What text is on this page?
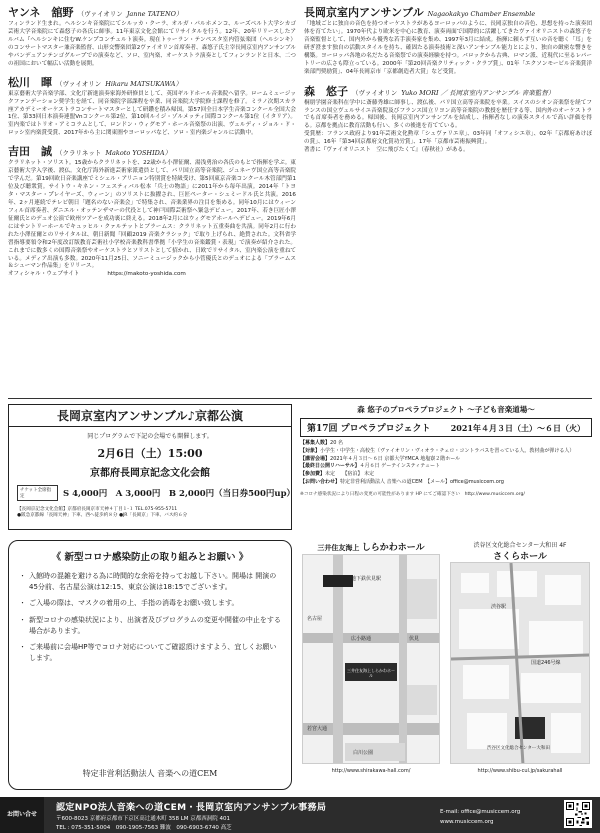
ヤンネ　舘野 （ヴァイオリン Janne TATENO）
フィンランド生まれ。ヘルシンキ音楽院にてシルッカ・クーラ、オルガ・パルホメンコ、ルーズベルト大学シカゴ芸術大学音楽院にて森悠子の各氏に師事。11年東京文化会館にてリサイタルを行う。12年、20年リリースしたアルバム『ヘルシンキに住むW.ケンプコンチェルト演奏。現在トゥーラン・テンペスタ室内管弦楽団（ヘルシンキ）のコンサートマスター兼音楽監督、山形交響楽団第2ヴァイオリン首席奏者、森悠子氏主宰長岡京室内アンサンブルやパンデュアンテンゴグループでの演奏など、ソロ、室内楽、オーケストラ演奏としてフィンランドと日本、二つの祖国において幅広い活動を展開。
松川　暉 （ヴァイオリン Hikaru MATSUKAWA）
東京藝術大学音楽学部、文化庁新進演奏家海外研修員として、英国ギルドホール音楽院へ留学。ロームミュージックファンデーション奨学生を経て、同音楽院学部課程を卒業、同音楽院大学院修士課程を修了。ミラノ次期スカラ座アカデミーオーケストラコンサートマスターとして研鑽を積み帰国。第57回全日本学生音楽コンクール全国大会1位、第33回日本演奏連盟Vnコンクール第2位、第10回ルイジ・ゾルメッティ国際コンクール第1位（イタリア）。室内楽ではトリオ・アミコラムとして、ロンドン・ウィグモア・ホール音楽祭の出演、ヴェルディ・ジョル・ド・ロッシ室内楽賞受賞、2017年から主に関東圏やヨーロッパなど、ソロ・室内楽ジャンルに活動中。
吉田　誠 （クラリネット Makoto YOSHIDA）
クラリネット・ソリスト。15歳からクラリネットを、22歳から小澤征爾、湯浅勇治の各氏のもとで指揮を学ぶ。東京藝術大学入学後、渡仏。文化庁海外新進芸術家派遣員として、パリ国立高等音楽院、ジュネーヴ国立高等音楽院で学んだ。第19回欧日音楽講座でミシェル・アリニョン特別賞を特級受け、第5回東京音楽コンクール木管部門第1位及び聴衆賞。サイトウ・キネン・フェスティバル松本「兵士の物語」に2011年から毎年出演。2014年「トヨタ・マスター・プレイヤーズ、ウィーン」のソリストに抜擢され、巨匠ペーター・シュミードル氏と共演。2016年、2ヶ月連続でテレビ朝日「題名のない音楽会」で特集され、音楽業界の注目を集める。同年10月にはウィーンフィル首席奏者、ダニエル・オッテンザマーの代役として神戸国際芸術祭へ緊急デビュー。2017年、若き巨匠小澤征爾氏とのデュオ公演で欧州ツアーを成功裏に終える。2018年2月にはウィグモアホールへデビュー。2019年6月にはサントリーホールでキュッヒル・クァルテットとブラームス：クラリネット五重奏曲を共演。同年2月に行われた小澤征爾とのリサイタルは、朝日新聞「回顧2019 音楽クラシック」で取り上げられ、絶賛された。文科省学習指導要領令和2年度改訂版教育芸術社小学校音楽教科書準拠「小学生の音楽鑑賞・表現」で演奏が紹介された。これまでに数多くの国際音楽祭やオーケストラとソリストとして招かれ、日欧でリサイタル、室内楽公演を重ねている。メディア出演も多数。2020年11月25日、ソニーミュージックから小菅優氏とのデュオによる「ブラームス＆シューマン作品集」をリリース。
オフィシャル・ウェブサイト　　　　　https://makoto-yoshida.com
長岡京室内アンサンブル Nagaokakyo Chamber Ensemble
「地域ごとに独自の音色を持つオーケストラがあるヨーロッパのように、長岡京独自の音色、思想を持った演奏団体を育てたい」。1970年代より欧米を中心に教育、演奏両面で国際的に活躍してきたヴァイオリニストの森悠子を音楽監督として、国内外から優秀な若手演奏家を集め、1997年3月に結成。指揮に頼らず互いの音を聴く「耳」を研ぎ澄ます独自の活動スタイルを持ち、確固たる演奏技術と深いアンサンブル能力とにより、独自の緻密な響きを構築。ヨーロッパ各地の名だたる音楽祭での演奏経験を持つ。バロックから古典、ロマン派、近現代に至るレパートリーの広さも際立っている。2000年「第20回音楽クリティック・クラブ賞」、01年「エクソンモービル音楽賞洋楽部門奨励賞」、04年長岡京市「京都創造者大賞」など受賞。
森　悠子 （ヴァイオリン Yuko MORI ／ 長岡京室内アンサンブル 音楽監督）
桐朋学園音楽科在学中に斎藤秀雄に師事し、渡仏後、パリ国立高等音楽院を卒業。スイスのシオン音楽祭を経てフランスの国立ヴェルサイユ音楽院及びフランス国立リヨン高等音楽院の教授を歴任する等、国内外のオーケストラでも首席奏者を務める。帰国後、長岡京室内アンサンブルを結成し、指揮者なしの演奏スタイルで高い評価を得る。京都を拠点に教育活動も行い、多くの後進を育てている。
受賞歴：フランス政府より91年芸術文化勲章「シュヴァリエ章」、03年同「オフィシエ章」、02年「京都府あけぼの賞」、16年「第34回京都府文化賞功労賞」、17年「京都市芸術振興賞」。
著書に『ヴァイオリニスト　空に飛びたくて』（春秋社）がある。
長岡京室内アンサンブル♪京都公演
同じプログラムで下記の会場でも開催します。
2月6日（土）15:00
京都府長岡京記念文化会館
チケット全席指定	S 4,000円　A 3,000円　B 2,000円（当日券500円up）
【長岡京記念文化会館】京都府長岡京市天神４丁目１-１ TEL.075-955-5711
●阪急京都線「長岡天神」下車、西へ徒歩約８分 ●JR「長岡京」下車、バス約６分
森 悠子のプロペラプロジェクト ～子ども音楽道場～
第17回 プロペラプロジェクト	2021年４月３日（土）～６日（火）
【募集人数】20 名
【対象】小学生・中学生・高校生（ヴァイオリン・ヴィオラ・チェロ・コントラバスを習っている人。教材曲が弾ける人）
【講習会場】2021年４月３日～６日 京都大学YMCA 地塩寮２階ホール
【最終日公開リハーサル】４月６日 ゲーテインスティテュート
【参加費】未定　　【宿泊】 未定
【お問い合わせ】特定非営利活動法人 音楽への道CEM　【メール】office@musiccem.org
※コロナ感染状況により日程の変更の可能性があります HP にてご確認下さい　http://www.musiccem.org/
《 新型コロナ感染防止の取り組みとお願い 》
・ 入館時の混雑を避ける為に時間的な余裕を持ってお越し下さい。開場は 開演の45分前、名古屋公演は12:15、東京公演は18:15でございます。
・ ご入場の際は、マスクの着用の上、手指の消毒をお願い致します。
・ 新型コロナの感染状況により、出演者及びプログラムの変更や開催の中止をする場合があります。
・ ご来場前に会場HP等でコロナ対応についてご確認頂けますよう、宜しくお願いします。
特定非営利活動法人 音楽への道CEM
三井住友海上 しらかわホール
地下鉄伏見駅
広小路通
名古屋
伏見
若宮大通
白川公園
三井住友海上しらかわホール
http://www.shirakawa-hall.com/
渋谷区文化総合センター大和田 4F
さくらホール
渋谷駅
国道246号線
渋谷区文化総合センター大和田
http://www.shibu-cul.jp/sakurahall
お問い合せ
認定NPO法人音楽への道CEM・長岡京室内アンサンブル事務局
〒600-8023 京都府京都市下京区高辻通木町 358 LM 京都西洞院 401
TEL : 075-351-5004　090-1905-7563 難波　090-6903-6740 高芝
E-mail: office@musiccem.org
www.musiccem.org
